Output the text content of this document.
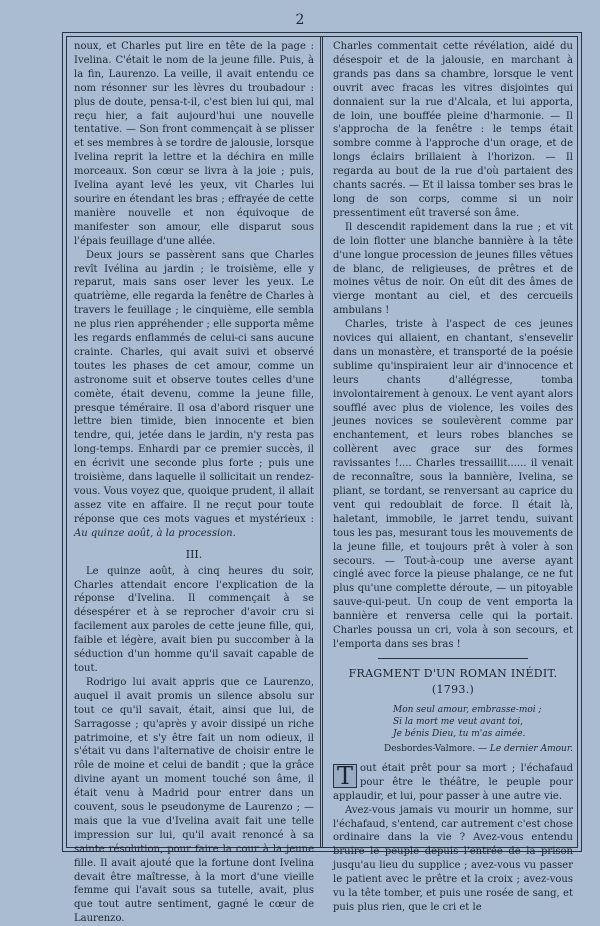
2

noux, et Charles put lire en tête de la page : Ivelina. C'était le nom de la jeune fille. Puis, à la fin, Laurenzo. La veille, il avait entendu ce nom résonner sur les lèvres du troubadour : plus de doute, pensa-t-il, c'est bien lui qui, mal reçu hier, a fait aujourd'hui une nouvelle tentative. — Son front commençait à se plisser et ses membres à se tordre de jalousie, lorsque Ivelina reprit la lettre et la déchira en mille morceaux. Son cœur se livra à la joie ; puis, Ivelina ayant levé les yeux, vit Charles lui sourire en étendant les bras ; effrayée de cette manière nouvelle et non équivoque de manifester son amour, elle disparut sous l'épais feuillage d'une allée.

Deux jours se passèrent sans que Charles revît Ivélina au jardin ; le troisième, elle y reparut, mais sans oser lever les yeux. Le quatrième, elle regarda la fenêtre de Charles à travers le feuillage ; le cinquième, elle sembla ne plus rien appréhender ; elle supporta même les regards enflammés de celui-ci sans aucune crainte. Charles, qui avait suivi et observé toutes les phases de cet amour, comme un astronome suit et observe toutes celles d'une comète, était devenu, comme la jeune fille, presque téméraire. Il osa d'abord risquer une lettre bien timide, bien innocente et bien tendre, qui, jetée dans le jardin, n'y resta pas long-temps. Enhardi par ce premier succès, il en écrivit une seconde plus forte ; puis une troisième, dans laquelle il sollicitait un rendez-vous. Vous voyez que, quoique prudent, il allait assez vite en affaire. Il ne reçut pour toute réponse que ces mots vagues et mystérieux : Au quinze août, à la procession.

III.

Le quinze août, à cinq heures du soir, Charles attendait encore l'explication de la réponse d'Ivelina. Il commençait à se désespérer et à se reprocher d'avoir cru si facilement aux paroles de cette jeune fille, qui, faible et légère, avait bien pu succomber à la séduction d'un homme qu'il savait capable de tout.

Rodrigo lui avait appris que ce Laurenzo, auquel il avait promis un silence absolu sur tout ce qu'il savait, était, ainsi que lui, de Sarragosse ; qu'après y avoir dissipé un riche patrimoine, et s'y être fait un nom odieux, il s'était vu dans l'alternative de choisir entre le rôle de moine et celui de bandit ; que la grâce divine ayant un moment touché son âme, il était venu à Madrid pour entrer dans un couvent, sous le pseudonyme de Laurenzo ; — mais que la vue d'Ivelina avait fait une telle impression sur lui, qu'il avait renoncé à sa sainte résolution, pour faire la cour à la jeune fille. Il avait ajouté que la fortune dont Ivelina devait être maîtresse, à la mort d'une vieille femme qui l'avait sous sa tutelle, avait, plus que tout autre sentiment, gagné le cœur de Laurenzo.

Charles commentait cette révélation, aidé du désespoir et de la jalousie, en marchant à grands pas dans sa chambre, lorsque le vent ouvrit avec fracas les vitres disjointes qui donnaient sur la rue d'Alcala, et lui apporta, de loin, une bouffée pleine d'harmonie. — Il s'approcha de la fenêtre : le temps était sombre comme à l'approche d'un orage, et de longs éclairs brillaient à l'horizon. — Il regarda au bout de la rue d'où partaient des chants sacrés. — Et il laissa tomber ses bras le long de son corps, comme si un noir pressentiment eût traversé son âme.

Il descendit rapidement dans la rue ; et vit de loin flotter une blanche bannière à la tête d'une longue procession de jeunes filles vêtues de blanc, de religieuses, de prêtres et de moines vêtus de noir. On eût dit des âmes de vierge montant au ciel, et des cercueils ambulans !

Charles, triste à l'aspect de ces jeunes novices qui allaient, en chantant, s'ensevelir dans un monastère, et transporté de la poésie sublime qu'inspiraient leur air d'innocence et leurs chants d'allégresse, tomba involontairement à genoux. Le vent ayant alors soufflé avec plus de violence, les voiles des jeunes novices se soulevèrent comme par enchantement, et leurs robes blanches se collèrent avec grace sur des formes ravissantes !.... Charles tressaillit...... il venait de reconnaître, sous la bannière, Ivelina, se pliant, se tordant, se renversant au caprice du vent qui redoublait de force. Il était là, haletant, immobile, le jarret tendu, suivant tous les pas, mesurant tous les mouvements de la jeune fille, et toujours prêt à voler à son secours. — Tout-à-coup une averse ayant cinglé avec force la pieuse phalange, ce ne fut plus qu'une complette déroute, — un pitoyable sauve-qui-peut. Un coup de vent emporta la bannière et renversa celle qui la portait. Charles poussa un cri, vola à son secours, et l'emporta dans ses bras !

FRAGMENT D'UN ROMAN INÉDIT. (1793.)
Mon seul amour, embrasse-moi ;
Si la mort me veut avant toi,
Je bénis Dieu, tu m'as aimée.
Desbordes-Valmore. — Le dernier Amour.

T out était prêt pour sa mort ; l'échafaud pour être le théâtre, le peuple pour applaudir, et lui, pour passer à une autre vie.

Avez-vous jamais vu mourir un homme, sur l'échafaud, s'entend, car autrement c'est chose ordinaire dans la vie ? Avez-vous entendu bruire le peuple depuis l'entrée de la prison jusqu'au lieu du supplice ; avez-vous vu passer le patient avec le prêtre et la croix ; avez-vous vu la tête tomber, et puis une rosée de sang, et puis plus rien, que le cri et le
